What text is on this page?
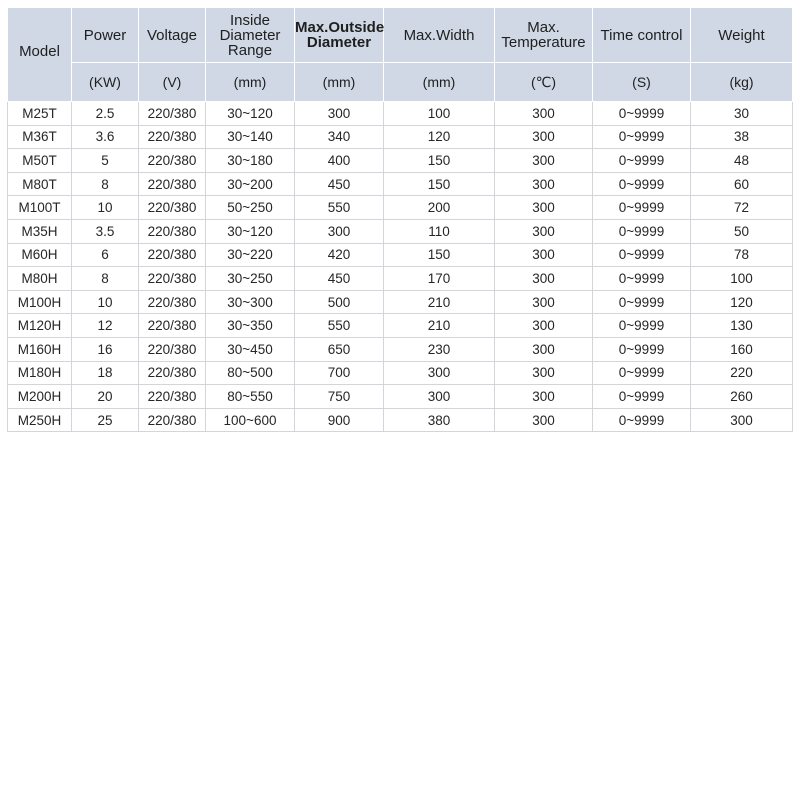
Model	Power	Voltage	Inside Diameter Range	Max.Outside Diameter	Max.Width	Max. Temperature	Time control	Weight
	(KW)	(V)	(mm)	(mm)	(mm)	(℃)	(S)	(kg)
M25T	2.5	220/380	30~120	300	100	300	0~9999	30
M36T	3.6	220/380	30~140	340	120	300	0~9999	38
M50T	5	220/380	30~180	400	150	300	0~9999	48
M80T	8	220/380	30~200	450	150	300	0~9999	60
M100T	10	220/380	50~250	550	200	300	0~9999	72
M35H	3.5	220/380	30~120	300	110	300	0~9999	50
M60H	6	220/380	30~220	420	150	300	0~9999	78
M80H	8	220/380	30~250	450	170	300	0~9999	100
M100H	10	220/380	30~300	500	210	300	0~9999	120
M120H	12	220/380	30~350	550	210	300	0~9999	130
M160H	16	220/380	30~450	650	230	300	0~9999	160
M180H	18	220/380	80~500	700	300	300	0~9999	220
M200H	20	220/380	80~550	750	300	300	0~9999	260
M250H	25	220/380	100~600	900	380	300	0~9999	300
